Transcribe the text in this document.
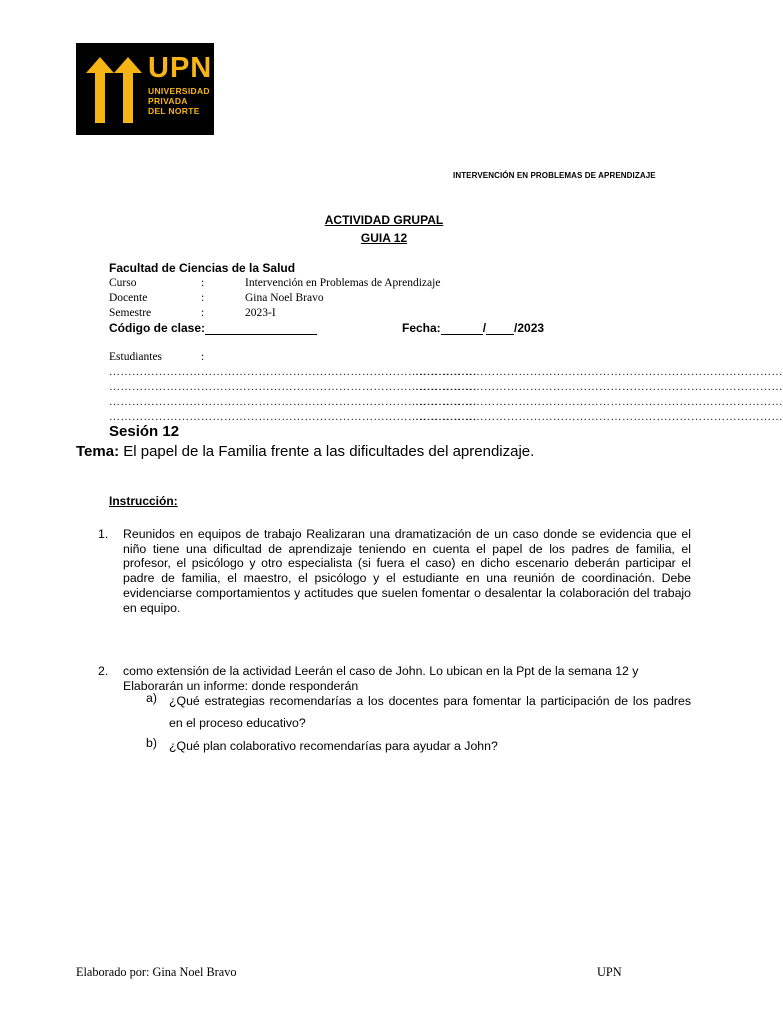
UPN
UNIVERSIDAD
PRIVADA
DEL NORTE
INTERVENCIÓN EN PROBLEMAS DE APRENDIZAJE
ACTIVIDAD GRUPAL
GUIA 12
Facultad de Ciencias de la Salud
Curso	:	Intervención en Problemas de Aprendizaje
Docente	:	Gina Noel Bravo
Semestre	:	2023-I
Código de clase:	Fecha:	/ /2023
Estudiantes	:
……………………………………………………………………………………
……………………………………………………………………………………
……………………………………………………………………………………
……………………………………………………………………………………
……………………………………………………………………………………
……………………………………………………………………………………
……………………………………………………………………………………
……………………………………………………………………………………
Sesión 12
Tema: El papel de la Familia frente a las dificultades del aprendizaje.
Instrucción:
1. Reunidos en equipos de trabajo Realizaran una dramatización de un caso donde se evidencia que el niño tiene una dificultad de aprendizaje teniendo en cuenta el papel de los padres de familia, el profesor, el psicólogo y otro especialista (si fuera el caso) en dicho escenario deberán participar el padre de familia, el maestro, el psicólogo y el estudiante en una reunión de coordinación. Debe evidenciarse comportamientos y actitudes que suelen fomentar o desalentar la colaboración del trabajo en equipo.
2. como extensión de la actividad Leerán el caso de John. Lo ubican en la Ppt de la semana 12 y Elaborarán un informe: donde responderán
a) ¿Qué estrategias recomendarías a los docentes para fomentar la participación de los padres en el proceso educativo?
b) ¿Qué plan colaborativo recomendarías para ayudar a John?
Elaborado por: Gina Noel Bravo	UPN
